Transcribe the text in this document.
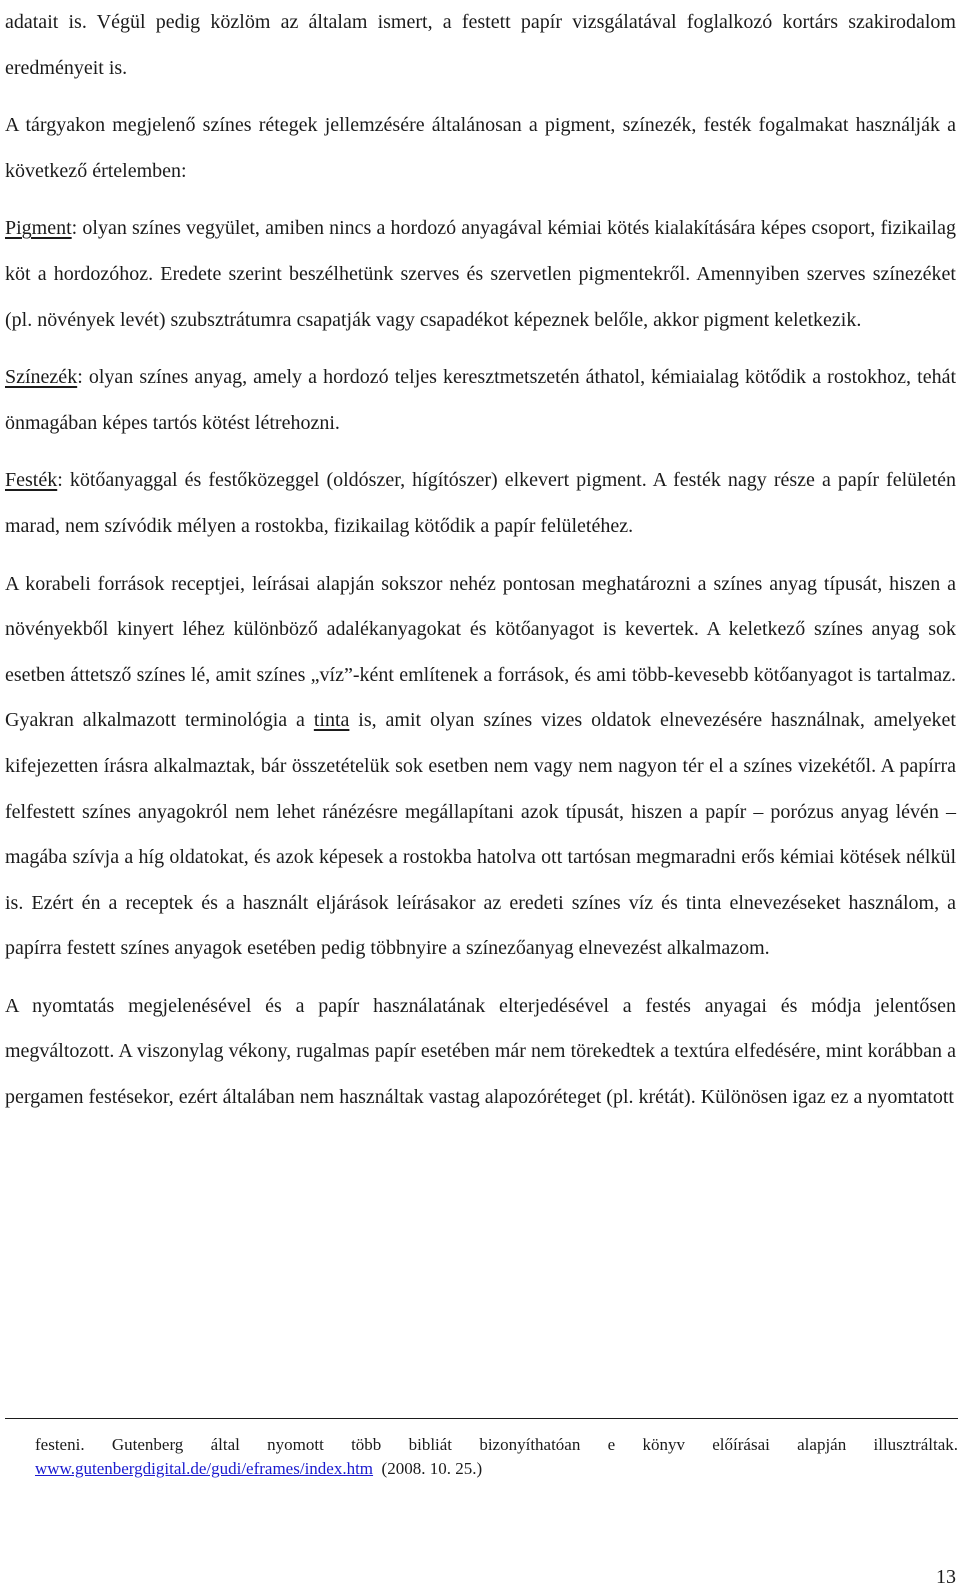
adatait is. Végül pedig közlöm az általam ismert, a festett papír vizsgálatával foglalkozó kortárs szakirodalom eredményeit is.

A tárgyakon megjelenő színes rétegek jellemzésére általánosan a pigment, színezék, festék fogalmakat használják a következő értelemben:

Pigment: olyan színes vegyület, amiben nincs a hordozó anyagával kémiai kötés kialakítására képes csoport, fizikailag köt a hordozóhoz. Eredete szerint beszélhetünk szerves és szervetlen pigmentekről. Amennyiben szerves színezéket (pl. növények levét) szubsztrátumra csapatják vagy csapadékot képeznek belőle, akkor pigment keletkezik.

Színezék: olyan színes anyag, amely a hordozó teljes keresztmetszetén áthatol, kémiaialag kötődik a rostokhoz, tehát önmagában képes tartós kötést létrehozni.

Festék: kötőanyaggal és festőközeggel (oldószer, hígítószer) elkevert pigment. A festék nagy része a papír felületén marad, nem szívódik mélyen a rostokba, fizikailag kötődik a papír felületéhez.

A korabeli források receptjei, leírásai alapján sokszor nehéz pontosan meghatározni a színes anyag típusát, hiszen a növényekből kinyert léhez különböző adalékanyagokat és kötőanyagot is kevertek. A keletkező színes anyag sok esetben áttetsző színes lé, amit színes „víz”-ként említenek a források, és ami több-kevesebb kötőanyagot is tartalmaz. Gyakran alkalmazott terminológia a tinta is, amit olyan színes vizes oldatok elnevezésére használnak, amelyeket kifejezetten írásra alkalmaztak, bár összetételük sok esetben nem vagy nem nagyon tér el a színes vizekétől. A papírra felfestett színes anyagokról nem lehet ránézésre megállapítani azok típusát, hiszen a papír – porózus anyag lévén – magába szívja a híg oldatokat, és azok képesek a rostokba hatolva ott tartósan megmaradni erős kémiai kötések nélkül is. Ezért én a receptek és a használt eljárások leírásakor az eredeti színes víz és tinta elnevezéseket használom, a papírra festett színes anyagok esetében pedig többnyire a színezőanyag elnevezést alkalmazom.

A nyomtatás megjelenésével és a papír használatának elterjedésével a festés anyagai és módja jelentősen megváltozott. A viszonylag vékony, rugalmas papír esetében már nem törekedtek a textúra elfedésére, mint korábban a pergamen festésekor, ezért általában nem használtak vastag alapozóréteget (pl. krétát). Különösen igaz ez a nyomtatott

festeni. Gutenberg által nyomott több bibliát bizonyíthatóan e könyv előírásai alapján illusztráltak. www.gutenbergdigital.de/gudi/eframes/index.htm (2008. 10. 25.)

13
